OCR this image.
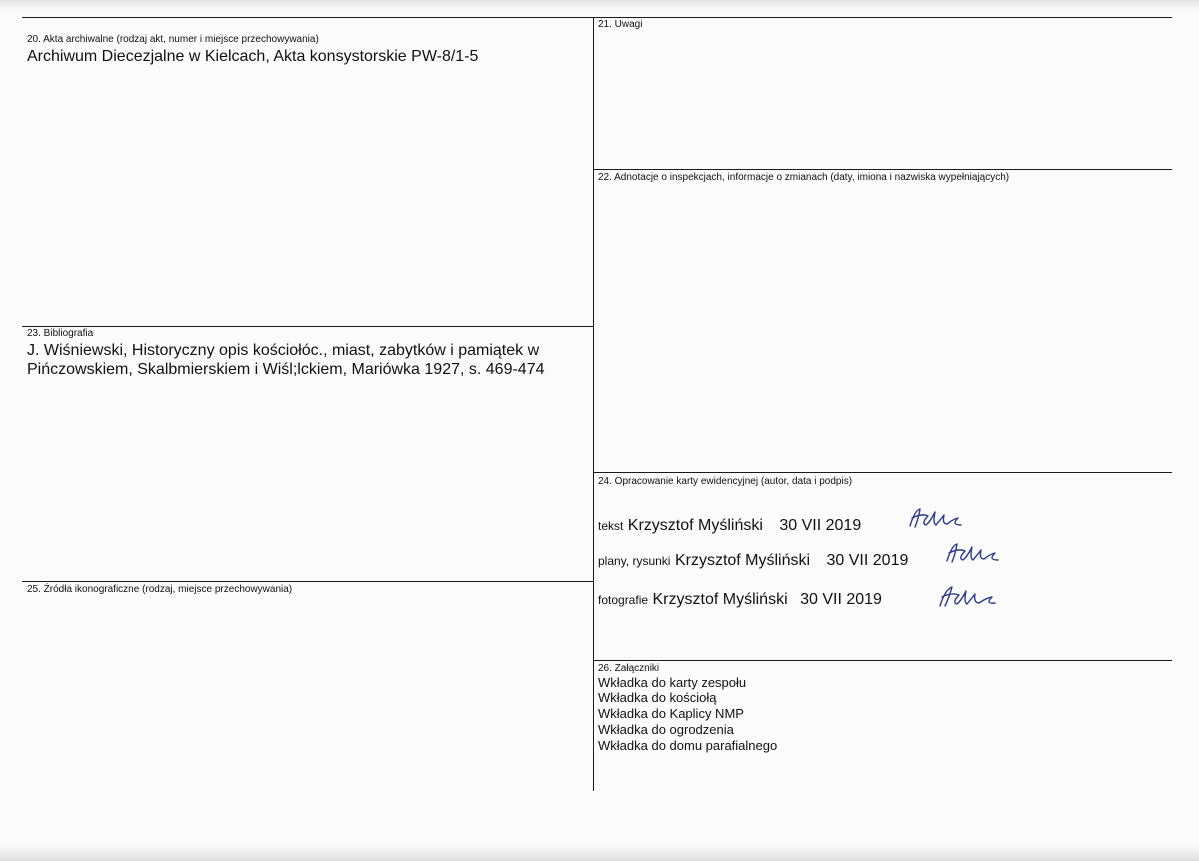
20. Akta archiwalne (rodzaj akt, numer i miejsce przechowywania)
Archiwum Diecezjalne w Kielcach, Akta konsystorskie PW-8/1-5
21. Uwagi
22. Adnotacje o inspekcjach, informacje o zmianach (daty, imiona i nazwiska wypełniających)
23. Bibliografia
J. Wiśniewski, Historyczny opis kościołóc., miast, zabytków i pamiątek w
Pińczowskiem, Skalbmierskiem i Wiśl;lckiem, Mariówka 1927, s. 469-474
24. Opracowanie karty ewidencyjnej (autor, data i podpis)
tekst Krzysztof Myśliński 30 VII 2019
plany, rysunki Krzysztof Myśliński 30 VII 2019
fotografie Krzysztof Myśliński 30 VII 2019
25. Źródła ikonograficzne (rodzaj, miejsce przechowywania)
26. Załączniki
Wkładka do karty zespołu
Wkładka do kościołą
Wkładka do Kaplicy NMP
Wkładka do ogrodzenia
Wkładka do domu parafialnego
